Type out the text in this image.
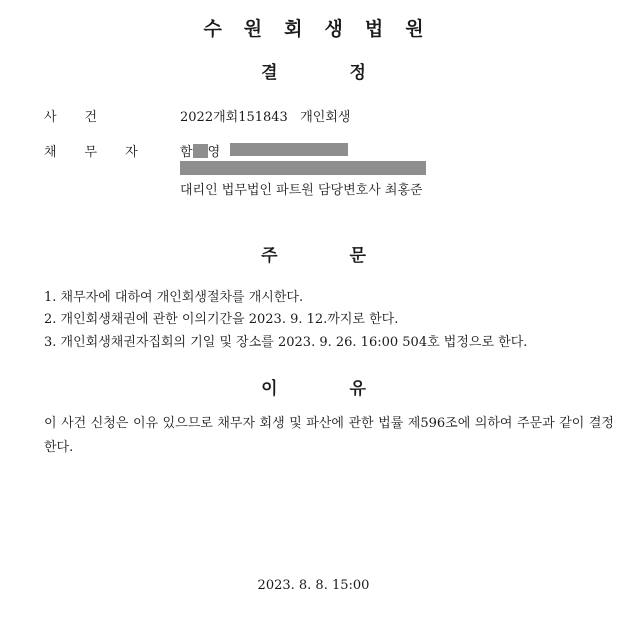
수원회생법원
결정
사건	2022개회151843   개인회생
채무자 함 영
대리인 법무법인 파트원 담당변호사 최홍준
주문
1. 채무자에 대하여 개인회생절차를 개시한다.
2. 개인회생채권에 관한 이의기간을 2023. 9. 12.까지로 한다.
3. 개인회생채권자집회의 기일 및 장소를 2023. 9. 26. 16:00 504호 법정으로 한다.
이유
이 사건 신청은 이유 있으므로 채무자 회생 및 파산에 관한 법률 제596조에 의하여 주문과 같이 결정한다.
2023. 8. 8. 15:00
